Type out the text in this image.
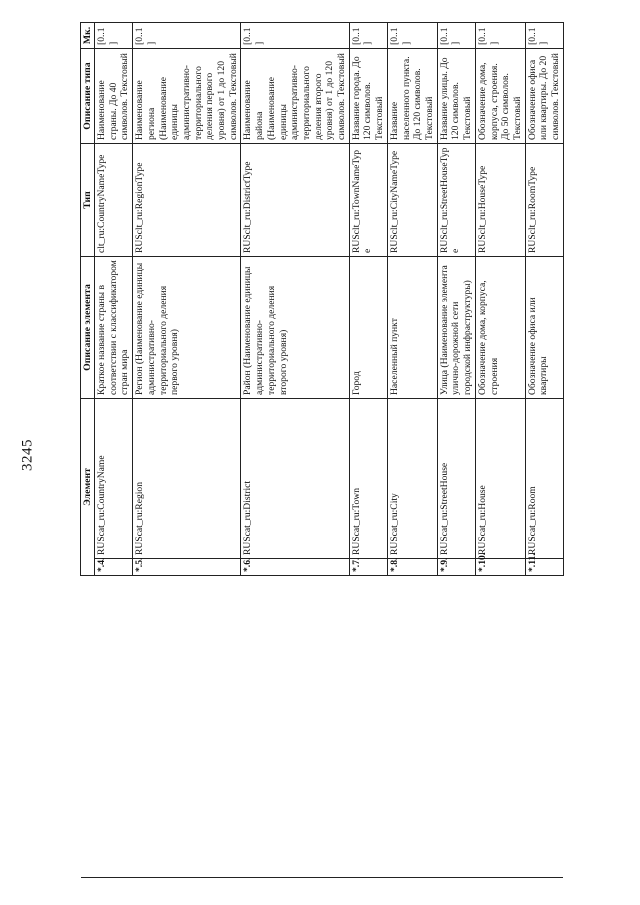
3245
	Элемент		Описание элемента	Тип	Описание типа	Мк.
	*.4.	RUScat_ru:CountryName	Краткое название страны в соответствии с классификатором стран мира	clt_ru:CountryNameType	Наименование страны. До 40 символов. Текстовый	[0..1]
	*.5.	RUScat_ru:Region	Регион (Наименование единицы административно-территориального деления первого уровня)	RUSclt_ru:RegionType	Наименование региона (Наименование единицы административно-территориального деления первого уровня) от 1 до 120 символов. Текстовый	[0..1]
	*.6.	RUScat_ru:District	Район (Наименование единицы административно-территориального деления второго уровня)	RUSclt_ru:DistrictType	Наименование района (Наименование единицы административно-территориального деления второго уровня) от 1 до 120 символов. Текстовый	[0..1]
	*.7.	RUScat_ru:Town	Город	RUSclt_ru:TownNameType	Название города. До 120 символов. Текстовый	[0..1]
	*.8.	RUScat_ru:City	Населенный пункт	RUSclt_ru:CityNameType	Название населенного пункта. До 120 символов. Текстовый	[0..1]
	*.9.	RUScat_ru:StreetHouse	Улица (Наименование элемента улично-дорожной сети городской инфраструктуры)	RUSclt_ru:StreetHouseType	Название улицы. До 120 символов. Текстовый	[0..1]
	*.10.	RUScat_ru:House	Обозначение дома, корпуса, строения	RUSclt_ru:HouseType	Обозначение дома, корпуса, строения. До 50 символов. Текстовый	[0..1]
	*.11.	RUScat_ru:Room	Обозначение офиса или квартиры	RUSclt_ru:RoomType	Обозначение офиса или квартиры. До 20 символов. Текстовый	[0..1]
